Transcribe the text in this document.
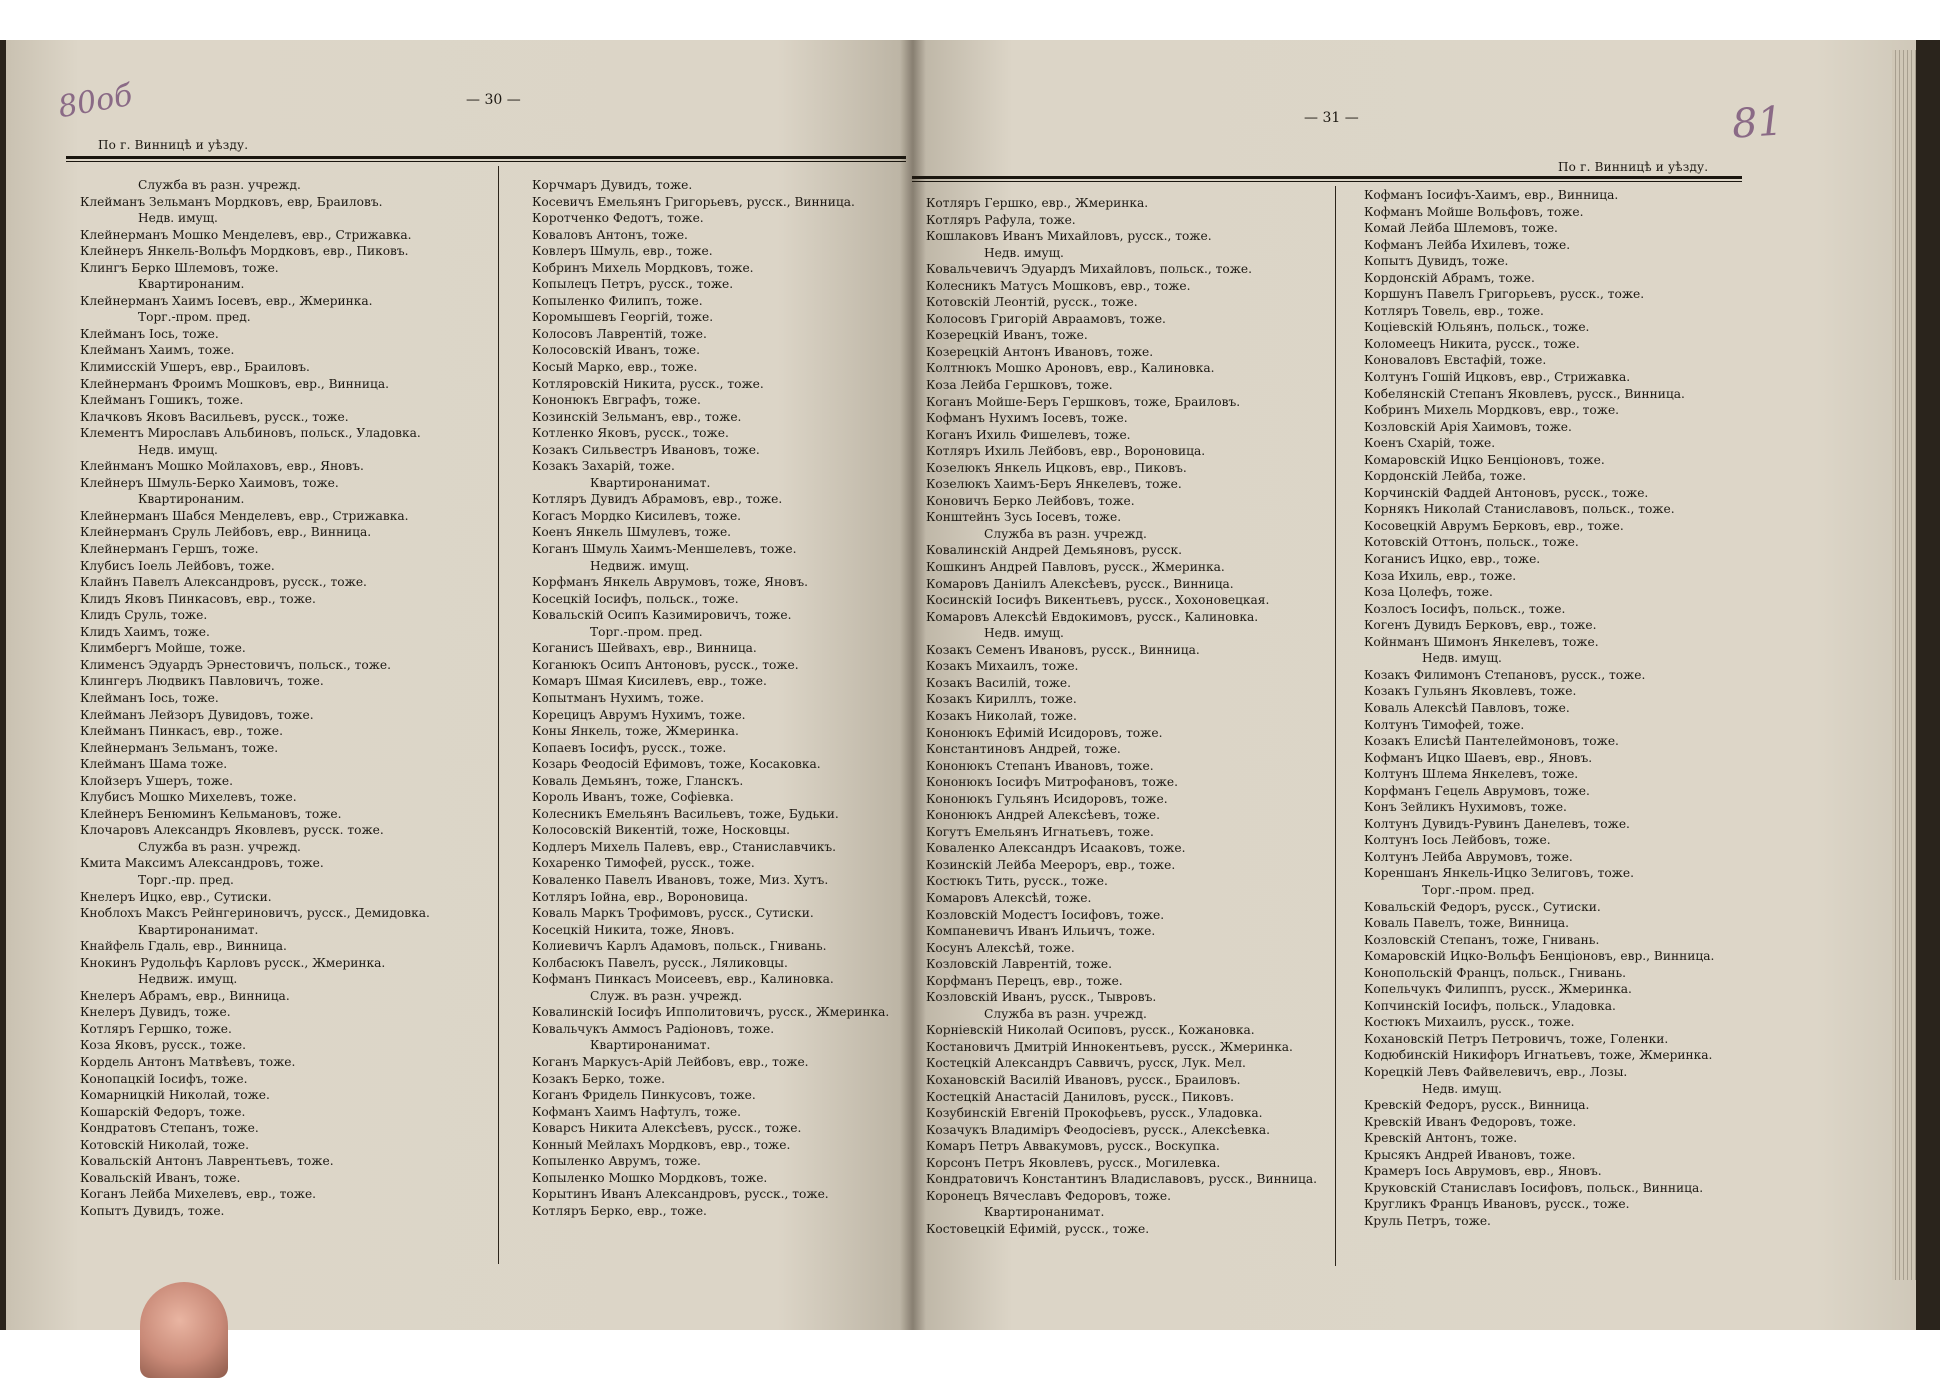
80об	— 30 —
По г. Винницѣ и уѣзду.
Служба въ разн. учрежд.
Клейманъ Зельманъ Мордковъ, евр, Браиловъ.
Недв. имущ.
Клейнерманъ Мошко Менделевъ, евр., Стрижавка.
Клейнеръ Янкель-Вольфъ Мордковъ, евр., Пиковъ.
Клингъ Берко Шлемовъ, тоже.
Квартиронаним.
Клейнерманъ Хаимъ Iосевъ, евр., Жмеринка.
Торг.-пром. пред.
Клейманъ Iось, тоже.
Клейманъ Хаимъ, тоже.
Климисскiй Ушеръ, евр., Браиловъ.
Клейнерманъ Фроимъ Мошковъ, евр., Винница.
Клейманъ Гошикъ, тоже.
Клачковъ Яковъ Васильевъ, русск., тоже.
Клементъ Мирославъ Альбиновъ, польск., Уладовка.
Недв. имущ.
Клейнманъ Мошко Мойлаховъ, евр., Яновъ.
Клейнеръ Шмуль-Берко Хаимовъ, тоже.
Квартиронаним.
Клейнерманъ Шабся Менделевъ, евр., Стрижавка.
Клейнерманъ Сруль Лейбовъ, евр., Винница.
Клейнерманъ Гершъ, тоже.
Клубисъ Iоель Лейбовъ, тоже.
Клайнъ Павелъ Александровъ, русск., тоже.
Клидъ Яковъ Пинкасовъ, евр., тоже.
Клидъ Сруль, тоже.
Клидъ Хаимъ, тоже.
Климбергъ Мойше, тоже.
Клименсъ Эдуардъ Эрнестовичъ, польск., тоже.
Клингеръ Людвикъ Павловичъ, тоже.
Клейманъ Iось, тоже.
Клейманъ Лейзоръ Дувидовъ, тоже.
Клейманъ Пинкасъ, евр., тоже.
Клейнерманъ Зельманъ, тоже.
Клейманъ Шама тоже.
Клойзеръ Ушеръ, тоже.
Клубисъ Мошко Михелевъ, тоже.
Клейнеръ Бенюминъ Кельмановъ, тоже.
Клочаровъ Александръ Яковлевъ, русск. тоже.
Служба въ разн. учрежд.
Кмита Максимъ Александровъ, тоже.
Торг.-пр. пред.
Кнелеръ Ицко, евр., Сутиски.
Кноблохъ Максъ Рейнгериновичъ, русск., Демидовка.
Квартиронанимат.
Кнайфель Гдаль, евр., Винница.
Кнокинъ Рудольфъ Карловъ русск., Жмеринка.
Недвиж. имущ.
Кнелеръ Абрамъ, евр., Винница.
Кнелеръ Дувидъ, тоже.
Котляръ Гершко, тоже.
Коза Яковъ, русск., тоже.
Кордель Антонъ Матвѣевъ, тоже.
Конопацкiй Iосифъ, тоже.
Комарницкiй Николай, тоже.
Кошарскiй Федоръ, тоже.
Кондратовъ Степанъ, тоже.
Котовскiй Николай, тоже.
Ковальскiй Антонъ Лаврентьевъ, тоже.
Ковальскiй Иванъ, тоже.
Коганъ Лейба Михелевъ, евр., тоже.
Копытъ Дувидъ, тоже.
Корчмаръ Дувидъ, тоже.
Косевичъ Емельянъ Григорьевъ, русск., Винница.
Коротченко Федотъ, тоже.
Коваловъ Антонъ, тоже.
Ковлеръ Шмуль, евр., тоже.
Кобринъ Михель Мордковъ, тоже.
Копылецъ Петръ, русск., тоже.
Копыленко Филипъ, тоже.
Коромышевъ Георгiй, тоже.
Колосовъ Лаврентiй, тоже.
Колосовскiй Иванъ, тоже.
Косый Марко, евр., тоже.
Котляровскiй Никита, русск., тоже.
Кононюкъ Евграфъ, тоже.
Козинскiй Зельманъ, евр., тоже.
Котленко Яковъ, русск., тоже.
Козакъ Сильвестръ Ивановъ, тоже.
Козакъ Захарiй, тоже.
Квартиронанимат.
Котляръ Дувидъ Абрамовъ, евр., тоже.
Когасъ Мордко Кисилевъ, тоже.
Коенъ Янкель Шмулевъ, тоже.
Коганъ Шмуль Хаимъ-Меншелевъ, тоже.
Недвиж. имущ.
Корфманъ Янкель Аврумовъ, тоже, Яновъ.
Косецкiй Iосифъ, польск., тоже.
Ковальскiй Осипъ Казимировичъ, тоже.
Торг.-пром. пред.
Коганисъ Шейвахъ, евр., Винница.
Коганюкъ Осипъ Антоновъ, русск., тоже.
Комаръ Шмая Кисилевъ, евр., тоже.
Копытманъ Нухимъ, тоже.
Корецицъ Аврумъ Нухимъ, тоже.
Коны Янкель, тоже, Жмеринка.
Копаевъ Iосифъ, русск., тоже.
Козарь Феодосiй Ефимовъ, тоже, Косаковка.
Коваль Демьянъ, тоже, Гланскъ.
Король Иванъ, тоже, Софiевка.
Колесникъ Емельянъ Васильевъ, тоже, Будьки.
Колосовскiй Викентiй, тоже, Носковцы.
Кодлеръ Михель Палевъ, евр., Станиславчикъ.
Кохаренко Тимофей, русск., тоже.
Коваленко Павелъ Ивановъ, тоже, Миз. Хутъ.
Котляръ Iойна, евр., Вороновица.
Коваль Маркъ Трофимовъ, русск., Сутиски.
Косецкiй Никита, тоже, Яновъ.
Колиевичъ Карлъ Адамовъ, польск., Гнивань.
Колбасюкъ Павелъ, русск., Ляликовцы.
Кофманъ Пинкасъ Моисеевъ, евр., Калиновка.
Служ. въ разн. учрежд.
Ковалинскiй Iосифъ Ипполитовичъ, русск., Жмеринка.
Ковальчукъ Аммосъ Радiоновъ, тоже.
Квартиронанимат.
Коганъ Маркусъ-Арiй Лейбовъ, евр., тоже.
Козакъ Берко, тоже.
Коганъ Фридель Пинкусовъ, тоже.
Кофманъ Хаимъ Нафтулъ, тоже.
Коварсъ Никита Алексѣевъ, русск., тоже.
Конный Мейлахъ Мордковъ, евр., тоже.
Копыленко Аврумъ, тоже.
Копыленко Мошко Мордковъ, тоже.
Корытинъ Иванъ Александровъ, русск., тоже.
Котляръ Берко, евр., тоже.
— 31 —
По г. Винницѣ и уѣзду.
81
Котляръ Гершко, евр., Жмеринка.
Котляръ Рафула, тоже.
Кошлаковъ Иванъ Михайловъ, русск., тоже.
Недв. имущ.
Ковальчевичъ Эдуардъ Михайловъ, польск., тоже.
Колесникъ Матусъ Мошковъ, евр., тоже.
Котовскiй Леонтiй, русск., тоже.
Колосовъ Григорiй Авраамовъ, тоже.
Козерецкiй Иванъ, тоже.
Козерецкiй Антонъ Ивановъ, тоже.
Колтнюкъ Мошко Ароновъ, евр., Калиновка.
Коза Лейба Гершковъ, тоже.
Коганъ Мойше-Беръ Гершковъ, тоже, Браиловъ.
Кофманъ Нухимъ Iосевъ, тоже.
Коганъ Ихиль Фишелевъ, тоже.
Котляръ Ихиль Лейбовъ, евр., Вороновица.
Козелюкъ Янкель Ицковъ, евр., Пиковъ.
Козелюкъ Хаимъ-Беръ Янкелевъ, тоже.
Коновичъ Берко Лейбовъ, тоже.
Конштейнъ Зусь Iосевъ, тоже.
Служба въ разн. учрежд.
Ковалинскiй Андрей Демьяновъ, русск.
Кошкинъ Андрей Павловъ, русск., Жмеринка.
Комаровъ Данiилъ Алексѣевъ, русск., Винница.
Косинскiй Iосифъ Викентьевъ, русск., Хохоновецкая.
Комаровъ Алексѣй Евдокимовъ, русск., Калиновка.
Недв. имущ.
Козакъ Семенъ Ивановъ, русск., Винница.
Козакъ Михаилъ, тоже.
Козакъ Василiй, тоже.
Козакъ Кириллъ, тоже.
Козакъ Николай, тоже.
Кононюкъ Ефимiй Исидоровъ, тоже.
Константиновъ Андрей, тоже.
Кононюкъ Степанъ Ивановъ, тоже.
Кононюкъ Iосифъ Митрофановъ, тоже.
Кононюкъ Гульянъ Исидоровъ, тоже.
Кононюкъ Андрей Алексѣевъ, тоже.
Когутъ Емельянъ Игнатьевъ, тоже.
Коваленко Александръ Исааковъ, тоже.
Козинскiй Лейба Меероръ, евр., тоже.
Костюкъ Тить, русск., тоже.
Комаровъ Алексѣй, тоже.
Козловскiй Модестъ Iосифовъ, тоже.
Компаневичъ Иванъ Ильичъ, тоже.
Косунъ Алексѣй, тоже.
Козловскiй Лаврентiй, тоже.
Корфманъ Перецъ, евр., тоже.
Козловскiй Иванъ, русск., Тывровъ.
Служба въ разн. учрежд.
Корнiевскiй Николай Осиповъ, русск., Кожановка.
Костановичъ Дмитрiй Иннокентьевъ, русск., Жмеринка.
Костецкiй Александръ Саввичъ, русск, Лук. Мел.
Кохановскiй Василiй Ивановъ, русск., Браиловъ.
Костецкiй Анастасiй Даниловъ, русск., Пиковъ.
Козубинскiй Евгенiй Прокофьевъ, русск., Уладовка.
Козачукъ Владимiръ Феодосiевъ, русск., Алексѣевка.
Комаръ Петръ Аввакумовъ, русск., Воскупка.
Корсонъ Петръ Яковлевъ, русск., Могилевка.
Кондратовичъ Константинъ Владиславовъ, русск., Винница.
Коронецъ Вячеславъ Федоровъ, тоже.
Квартиронанимат.
Костовецкiй Ефимiй, русск., тоже.
Кофманъ Iосифъ-Хаимъ, евр., Винница.
Кофманъ Мойше Вольфовъ, тоже.
Комай Лейба Шлемовъ, тоже.
Кофманъ Лейба Ихилевъ, тоже.
Копытъ Дувидъ, тоже.
Кордонскiй Абрамъ, тоже.
Коршунъ Павелъ Григорьевъ, русск., тоже.
Котляръ Товель, евр., тоже.
Коцiевскiй Юльянъ, польск., тоже.
Коломеецъ Никита, русск., тоже.
Коноваловъ Евстафiй, тоже.
Колтунъ Гошiй Ицковъ, евр., Стрижавка.
Кобелянскiй Степанъ Яковлевъ, русск., Винница.
Кобринъ Михель Мордковъ, евр., тоже.
Козловскiй Арiя Хаимовъ, тоже.
Коенъ Схарiй, тоже.
Комаровскiй Ицко Бенцiоновъ, тоже.
Кордонскiй Лейба, тоже.
Корчинскiй Фаддей Антоновъ, русск., тоже.
Корнякъ Николай Станиславовъ, польск., тоже.
Косовецкiй Аврумъ Берковъ, евр., тоже.
Котовскiй Оттонъ, польск., тоже.
Коганисъ Ицко, евр., тоже.
Коза Ихиль, евр., тоже.
Коза Цолефъ, тоже.
Козлосъ Iосифъ, польск., тоже.
Когенъ Дувидъ Берковъ, евр., тоже.
Койнманъ Шимонъ Янкелевъ, тоже.
Недв. имущ.
Козакъ Филимонъ Степановъ, русск., тоже.
Козакъ Гульянъ Яковлевъ, тоже.
Коваль Алексѣй Павловъ, тоже.
Колтунъ Тимофей, тоже.
Козакъ Елисѣй Пантелеймоновъ, тоже.
Кофманъ Ицко Шаевъ, евр., Яновъ.
Колтунъ Шлема Янкелевъ, тоже.
Корфманъ Гецель Аврумовъ, тоже.
Конъ Зейликъ Нухимовъ, тоже.
Колтунъ Дувидъ-Рувинъ Данелевъ, тоже.
Колтунъ Iось Лейбовъ, тоже.
Колтунъ Лейба Аврумовъ, тоже.
Кореншанъ Янкель-Ицко Зелиговъ, тоже.
Торг.-пром. пред.
Ковальскiй Федоръ, русск., Сутиски.
Коваль Павелъ, тоже, Винница.
Козловскiй Степанъ, тоже, Гнивань.
Комаровскiй Ицко-Вольфъ Бенцiоновъ, евр., Винница.
Конопольскiй Францъ, польск., Гнивань.
Копельчукъ Филиппъ, русск., Жмеринка.
Копчинскiй Iосифъ, польск., Уладовка.
Костюкъ Михаилъ, русск., тоже.
Кохановскiй Петръ Петровичъ, тоже, Голенки.
Кодюбинскiй Никифоръ Игнатьевъ, тоже, Жмеринка.
Корецкiй Левъ Файвелевичъ, евр., Лозы.
Недв. имущ.
Кревскiй Федоръ, русск., Винница.
Кревскiй Иванъ Федоровъ, тоже.
Кревскiй Антонъ, тоже.
Крысякъ Андрей Ивановъ, тоже.
Крамеръ Iось Аврумовъ, евр., Яновъ.
Круковскiй Станиславъ Iосифовъ, польск., Винница.
Кругликъ Францъ Ивановъ, русск., тоже.
Круль Петръ, тоже.
